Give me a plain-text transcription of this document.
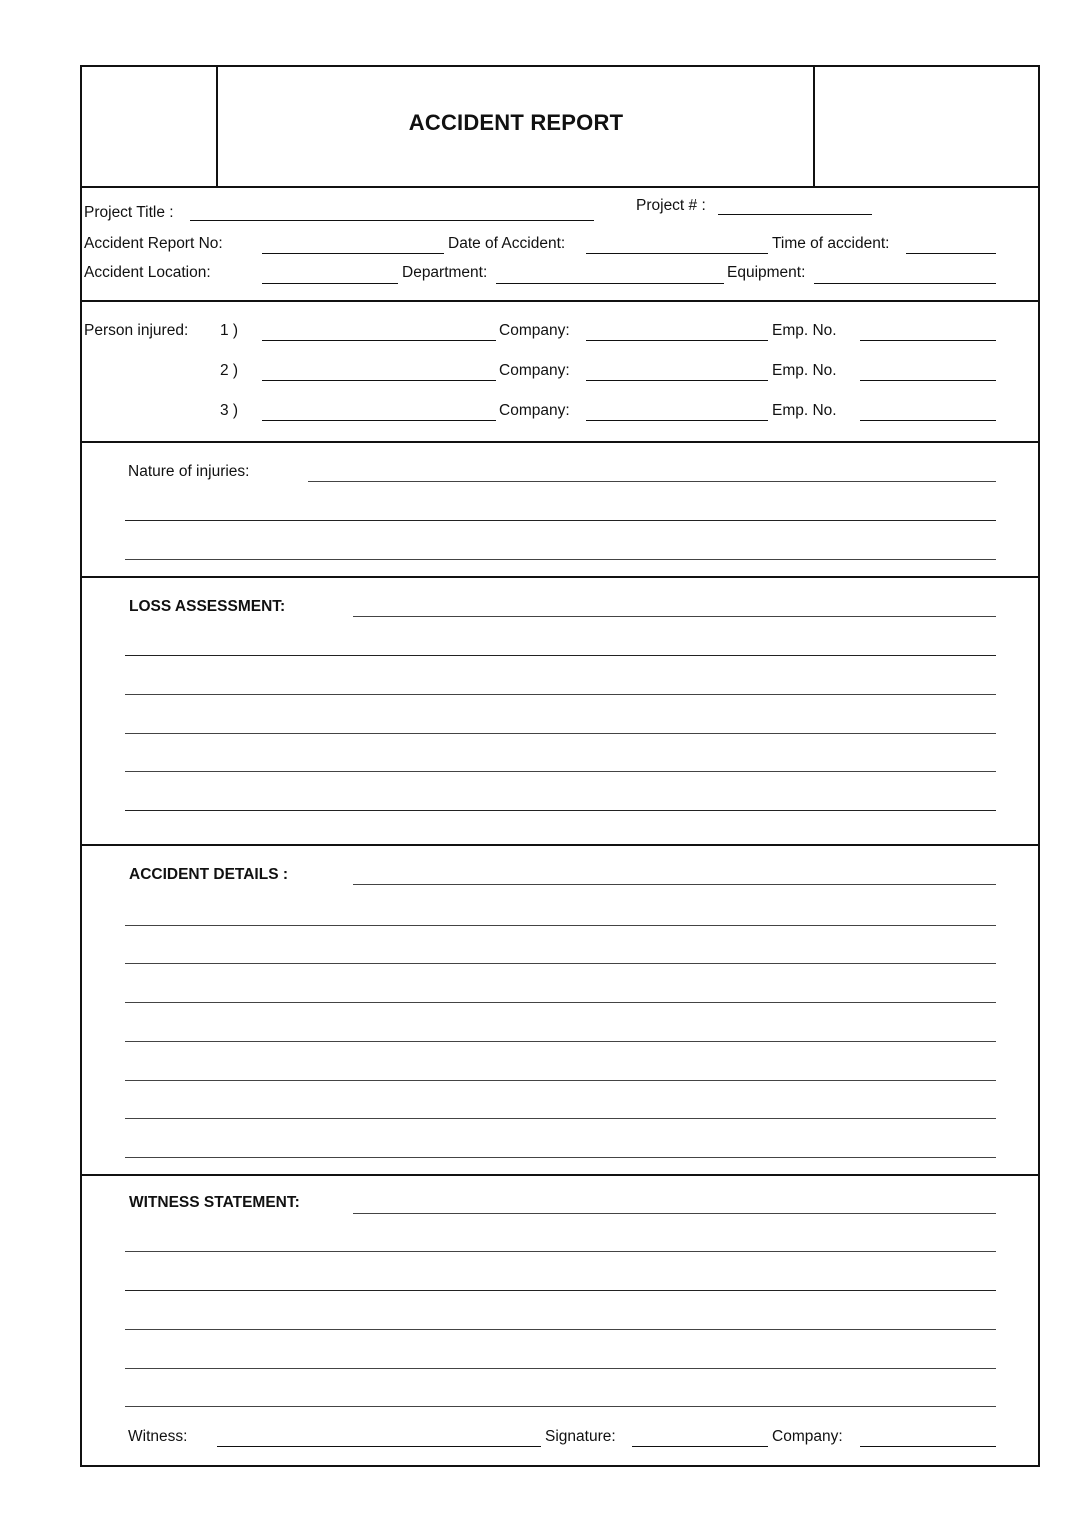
ACCIDENT REPORT
Project Title :	Project # :
Accident Report No:	Date of Accident:	Time of accident:
Accident Location:	Department:	Equipment:
Person injured: 1 )	Company:	Emp. No.
2 )	Company:	Emp. No.
3 )	Company:	Emp. No.
Nature of injuries:
LOSS ASSESSMENT:
ACCIDENT DETAILS :
WITNESS STATEMENT:
Witness:	Signature:	Company:
